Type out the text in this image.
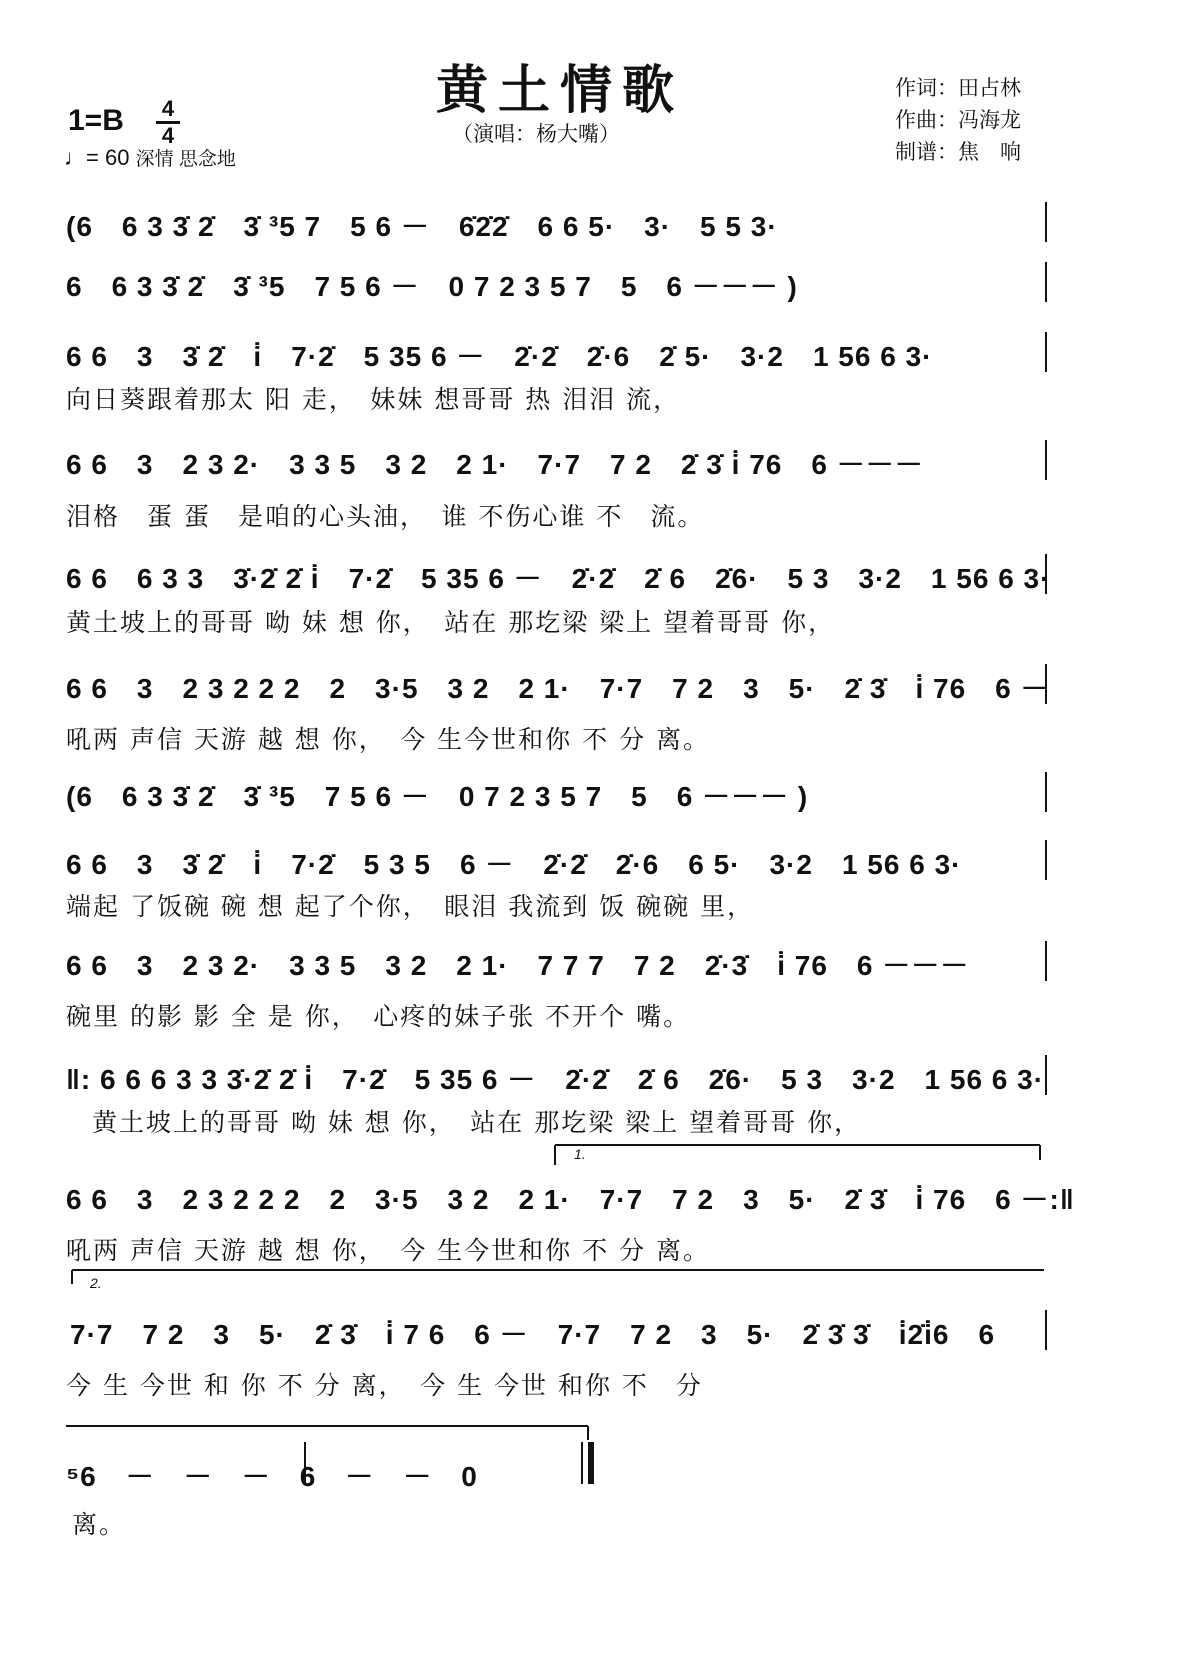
黄土情歌
（演唱：杨大嘴）
作词：田占林
作曲：冯海龙
制谱：焦　响
1=B 4
4
♩= 60 深情 思念地
(6　6 3 3̇ 2̇　3̇ ³5 7　5 6 －　6̇2̇2̇　6 6 5·　3·　5 5 3·
6　6 3 3̇ 2̇　3̇ ³5　7 5 6 －　0 7 2 3 5 7　5　6 －－－ )
6 6　3　3̇ 2̇　i̇　7·2̇　5 35 6 －　2̇·2̇　2̇·6　2̇ 5·　3·2　1 56 6 3·
向日葵跟着那太 阳 走，　妹妹 想哥哥 热 泪泪 流，
6 6　3　2 3 2·　3 3 5　3 2　2 1·　7·7　7 2　2̇ 3̇ i̇ 76　6 －－－
泪格　蛋 蛋　是咱的心头油，　谁 不伤心谁 不　流。
6 6　6 3 3　3̇·2̇ 2̇ i̇　7·2̇　5 35 6 －　2̇·2̇　2̇ 6　2̇6·　5 3　3·2　1 56 6 3·
黄土坡上的哥哥 呦 妹 想 你，　站在 那圪梁 梁上 望着哥哥 你，
6 6　3　2 3 2 2 2　2　3·5　3 2　2 1·　7·7　7 2　3　5·　2̇ 3̇　i̇ 76　6 －
吼两 声信 天游 越 想 你，　今 生今世和你 不 分 离。
(6　6 3 3̇ 2̇　3̇ ³5　7 5 6 －　0 7 2 3 5 7　5　6 －－－ )
6 6　3　3̇ 2̇　i̇　7·2̇　5 3 5　6 －　2̇·2̇　2̇·6　6 5·　3·2　1 56 6 3·
端起 了饭碗 碗 想 起了个你，　眼泪 我流到 饭 碗碗 里，
6 6　3　2 3 2·　3 3 5　3 2　2 1·　7 7 7　7 2　2̇·3̇　i̇ 76　6 －－－
碗里 的影 影 全 是 你，　心疼的妹子张 不开个 嘴。
‖: 6 6 6 3 3 3̇·2̇ 2̇ i̇　7·2̇　5 35 6 －　2̇·2̇　2̇ 6　2̇6·　5 3　3·2　1 56 6 3·
黄土坡上的哥哥 呦 妹 想 你，　站在 那圪梁 梁上 望着哥哥 你，
6 6　3　2 3 2 2 2　2　3·5　3 2　2 1·　7·7　7 2　3　5·　2̇ 3̇　i̇ 76　6 －:‖
吼两 声信 天游 越 想 你，　今 生今世和你 不 分 离。
7·7　7 2　3　5·　2̇ 3̇　i̇ 7 6　6 －　7·7　7 2　3　5·　2̇ 3̇ 3̇　i̇2̇i̇6　6
今 生 今世 和 你 不 分 离，　今 生 今世 和你 不　分
⁵6　－　－　－　6　－　－　0
离。
1.
2.
